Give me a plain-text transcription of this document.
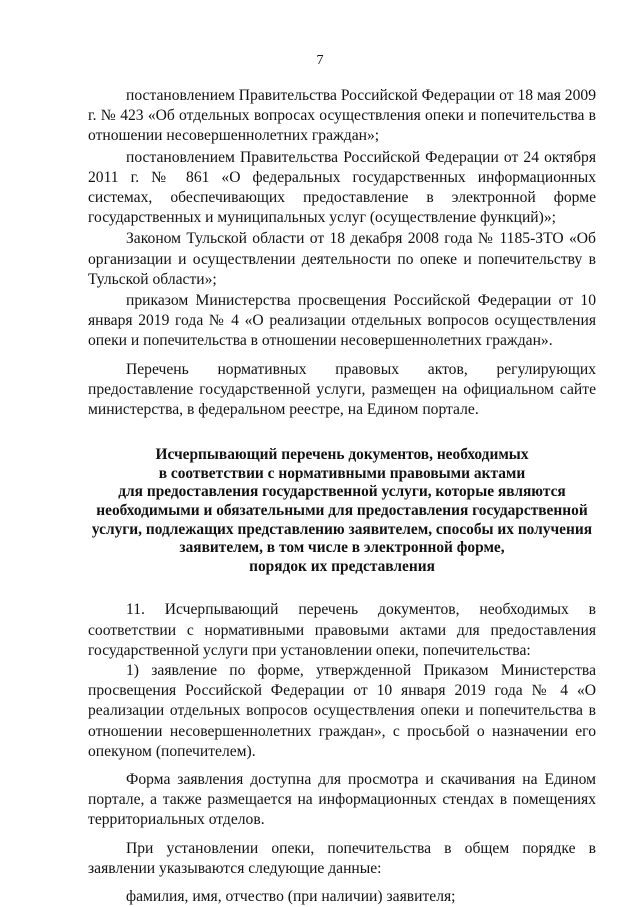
7

постановлением Правительства Российской Федерации от 18 мая 2009 г. № 423 «Об отдельных вопросах осуществления опеки и попечительства в отношении несовершеннолетних граждан»;

постановлением Правительства Российской Федерации от 24 октября 2011 г. № 861 «О федеральных государственных информационных системах, обеспечивающих предоставление в электронной форме государственных и муниципальных услуг (осуществление функций)»;

Законом Тульской области от 18 декабря 2008 года № 1185-ЗТО «Об организации и осуществлении деятельности по опеке и попечительству в Тульской области»;

приказом Министерства просвещения Российской Федерации от 10 января 2019 года № 4 «О реализации отдельных вопросов осуществления опеки и попечительства в отношении несовершеннолетних граждан».

Перечень нормативных правовых актов, регулирующих предоставление государственной услуги, размещен на официальном сайте министерства, в федеральном реестре, на Едином портале.

Исчерпывающий перечень документов, необходимых
в соответствии с нормативными правовыми актами
для предоставления государственной услуги, которые являются
необходимыми и обязательными для предоставления государственной
услуги, подлежащих представлению заявителем, способы их получения
заявителем, в том числе в электронной форме,
порядок их представления

11. Исчерпывающий перечень документов, необходимых в соответствии с нормативными правовыми актами для предоставления государственной услуги при установлении опеки, попечительства:

1) заявление по форме, утвержденной Приказом Министерства просвещения Российской Федерации от 10 января 2019 года № 4 «О реализации отдельных вопросов осуществления опеки и попечительства в отношении несовершеннолетних граждан», с просьбой о назначении его опекуном (попечителем).

Форма заявления доступна для просмотра и скачивания на Едином портале, а также размещается на информационных стендах в помещениях территориальных отделов.

При установлении опеки, попечительства в общем порядке в заявлении указываются следующие данные:

фамилия, имя, отчество (при наличии) заявителя;
